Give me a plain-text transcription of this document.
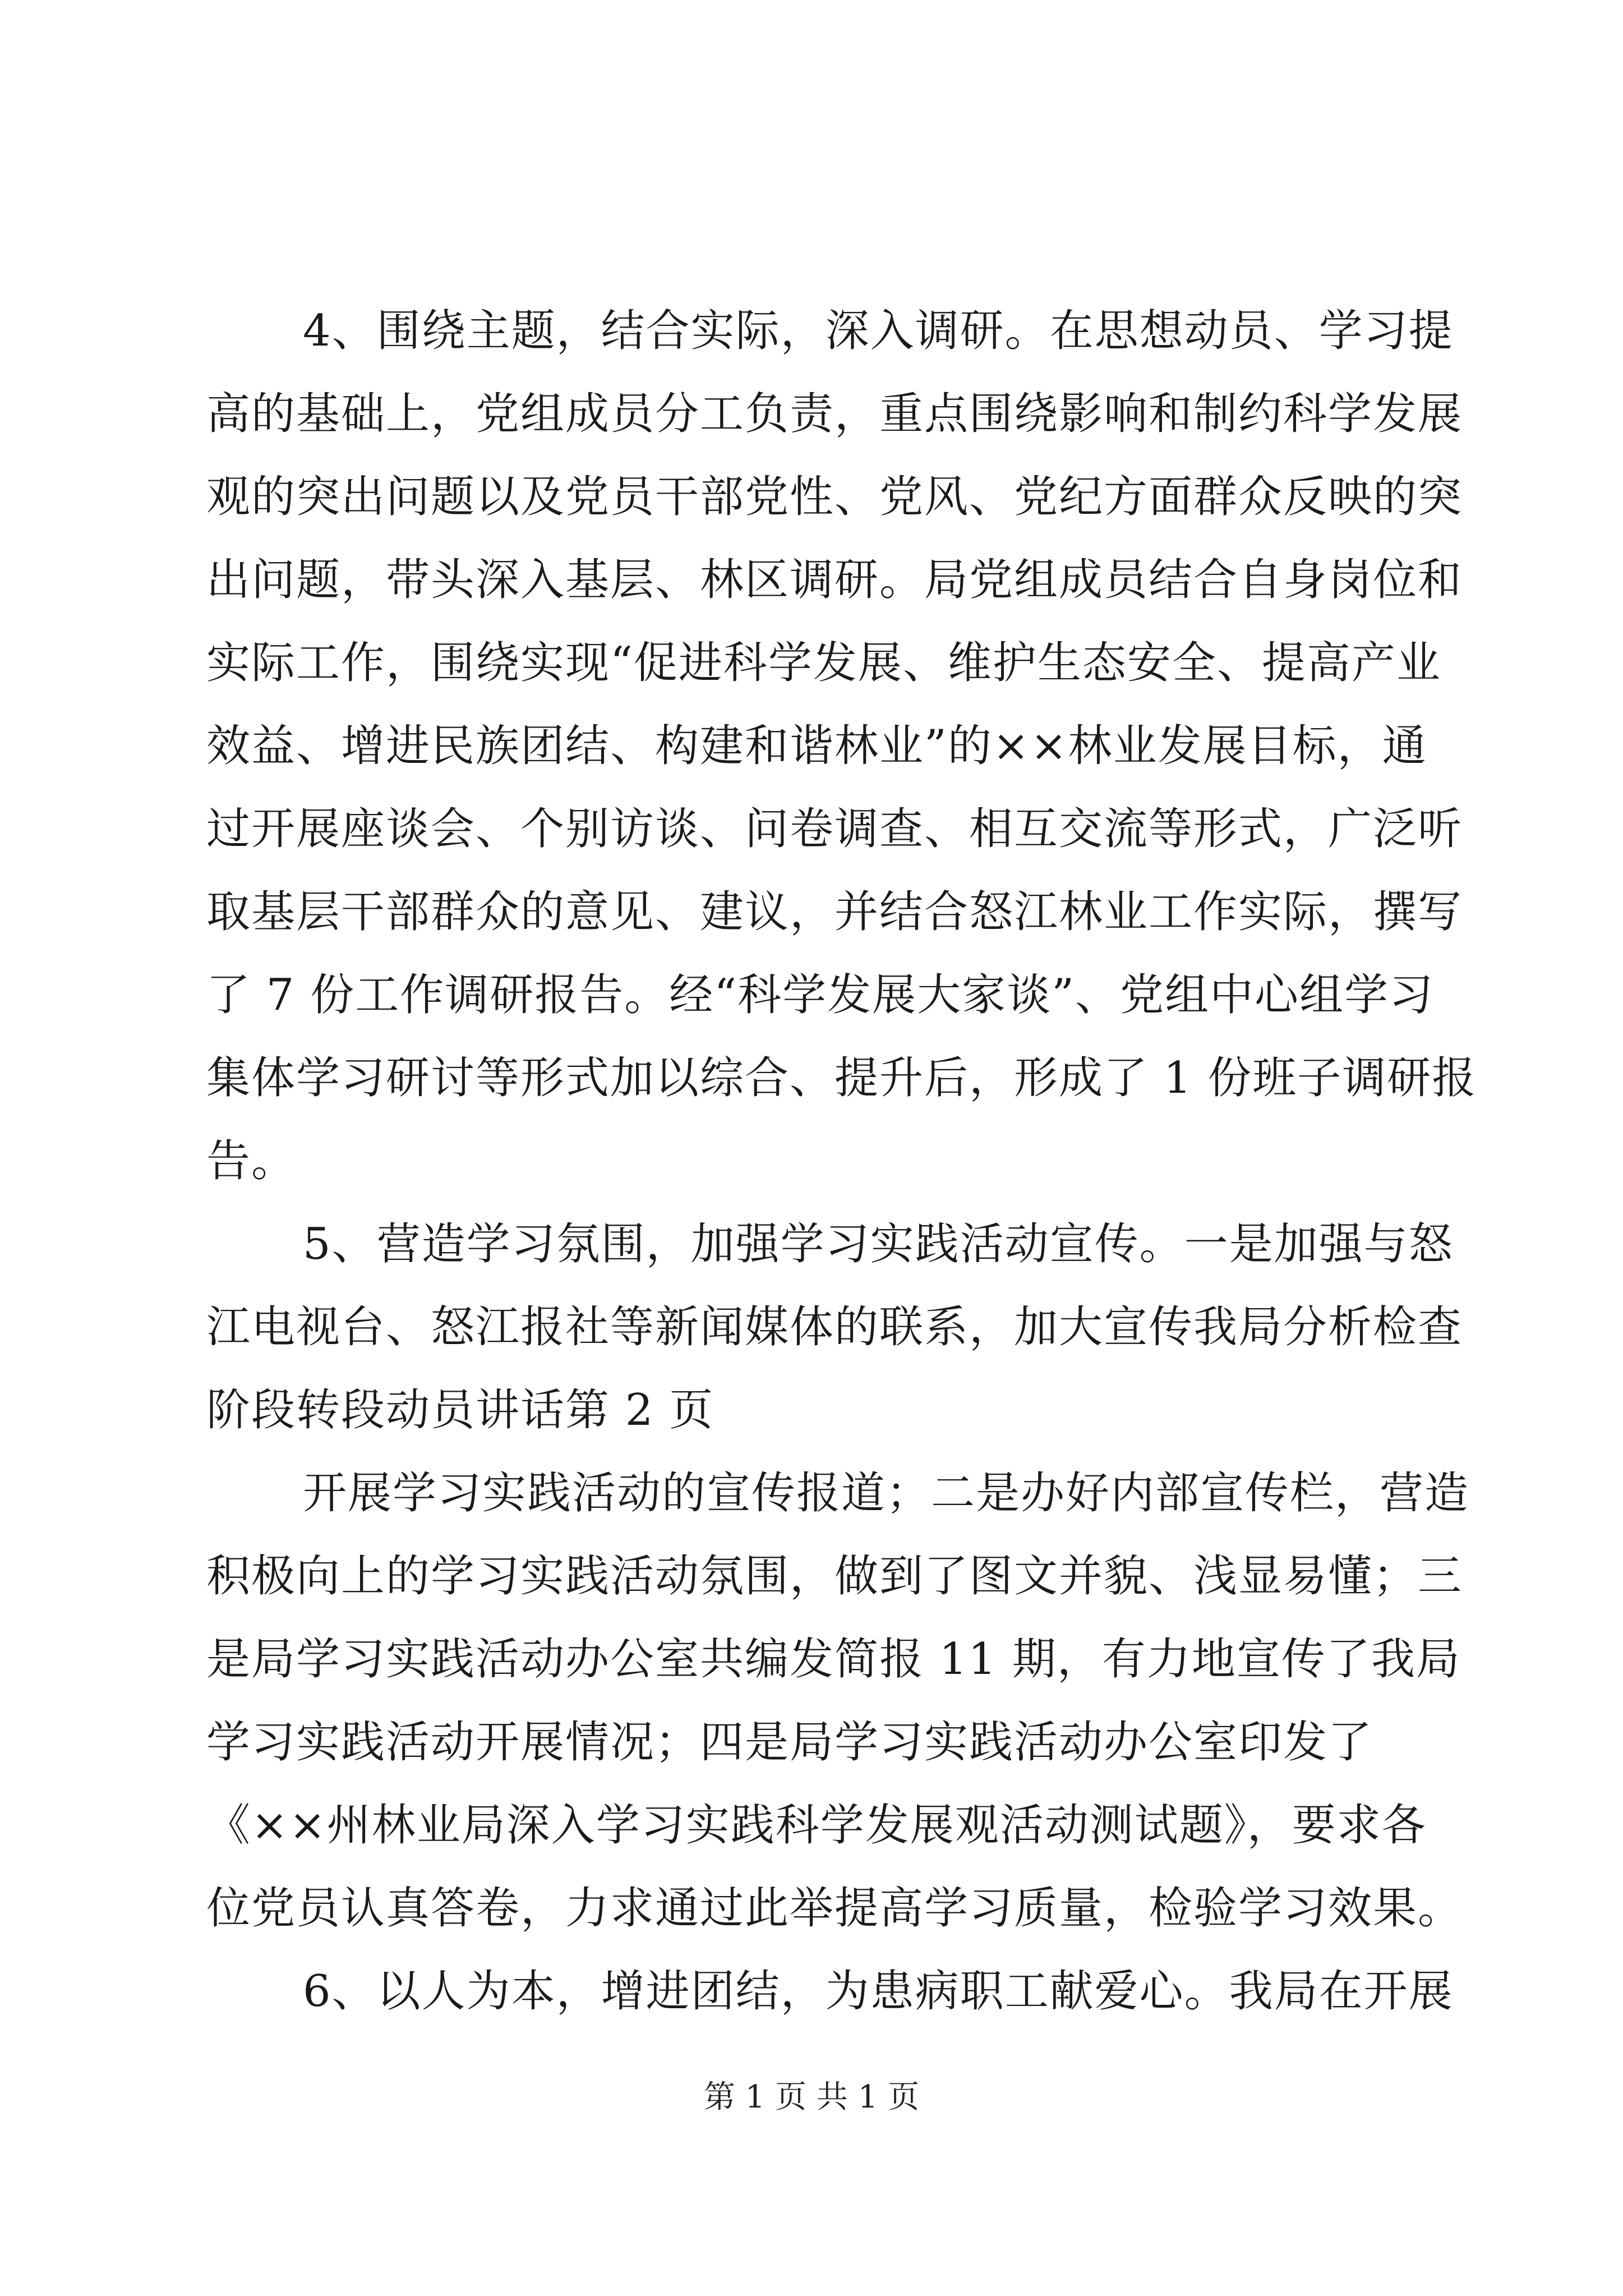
4、围绕主题，结合实际，深入调研。在思想动员、学习提
高的基础上，党组成员分工负责，重点围绕影响和制约科学发展
观的突出问题以及党员干部党性、党风、党纪方面群众反映的突
出问题，带头深入基层、林区调研。局党组成员结合自身岗位和
实际工作，围绕实现“促进科学发展、维护生态安全、提高产业
效益、增进民族团结、构建和谐林业”的××林业发展目标，通
过开展座谈会、个别访谈、问卷调查、相互交流等形式，广泛听
取基层干部群众的意见、建议，并结合怒江林业工作实际，撰写
了 7 份工作调研报告。经“科学发展大家谈”、党组中心组学习
集体学习研讨等形式加以综合、提升后，形成了 1 份班子调研报
告。
5、营造学习氛围，加强学习实践活动宣传。一是加强与怒
江电视台、怒江报社等新闻媒体的联系，加大宣传我局分析检查
阶段转段动员讲话第 2 页
开展学习实践活动的宣传报道；二是办好内部宣传栏，营造
积极向上的学习实践活动氛围，做到了图文并貌、浅显易懂；三
是局学习实践活动办公室共编发简报 11 期，有力地宣传了我局
学习实践活动开展情况；四是局学习实践活动办公室印发了
《××州林业局深入学习实践科学发展观活动测试题》，要求各
位党员认真答卷，力求通过此举提高学习质量，检验学习效果。
6、以人为本，增进团结，为患病职工献爱心。我局在开展
第 1 页 共 1 页
